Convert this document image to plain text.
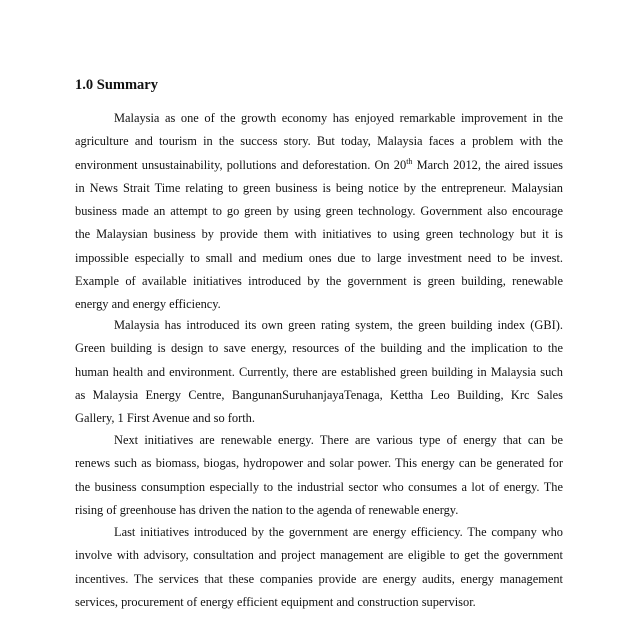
1.0 Summary
Malaysia as one of the growth economy has enjoyed remarkable improvement in the
agriculture and tourism in the success story. But today, Malaysia faces a problem with the
environment unsustainability, pollutions and deforestation. On 20th March 2012, the aired issues
in News Strait Time relating to green business is being notice by the entrepreneur. Malaysian
business made an attempt to go green by using green technology. Government also encourage
the Malaysian business by provide them with initiatives to using green technology but it is
impossible especially to small and medium ones due to large investment need to be invest.
Example of available initiatives introduced by the government is green building, renewable
energy and energy efficiency.
Malaysia has introduced its own green rating system, the green building index (GBI).
Green building is design to save energy, resources of the building and the implication to the
human health and environment. Currently, there are established green building in Malaysia such
as Malaysia Energy Centre, BangunanSuruhanjayaTenaga, Kettha Leo Building, Krc Sales
Gallery, 1 First Avenue and so forth.
Next initiatives are renewable energy. There are various type of energy that can be
renews such as biomass, biogas, hydropower and solar power. This energy can be generated for
the business consumption especially to the industrial sector who consumes a lot of energy. The
rising of greenhouse has driven the nation to the agenda of renewable energy.
Last initiatives introduced by the government are energy efficiency. The company who
involve with advisory, consultation and project management are eligible to get the government
incentives. The services that these companies provide are energy audits, energy management
services, procurement of energy efficient equipment and construction supervisor.
